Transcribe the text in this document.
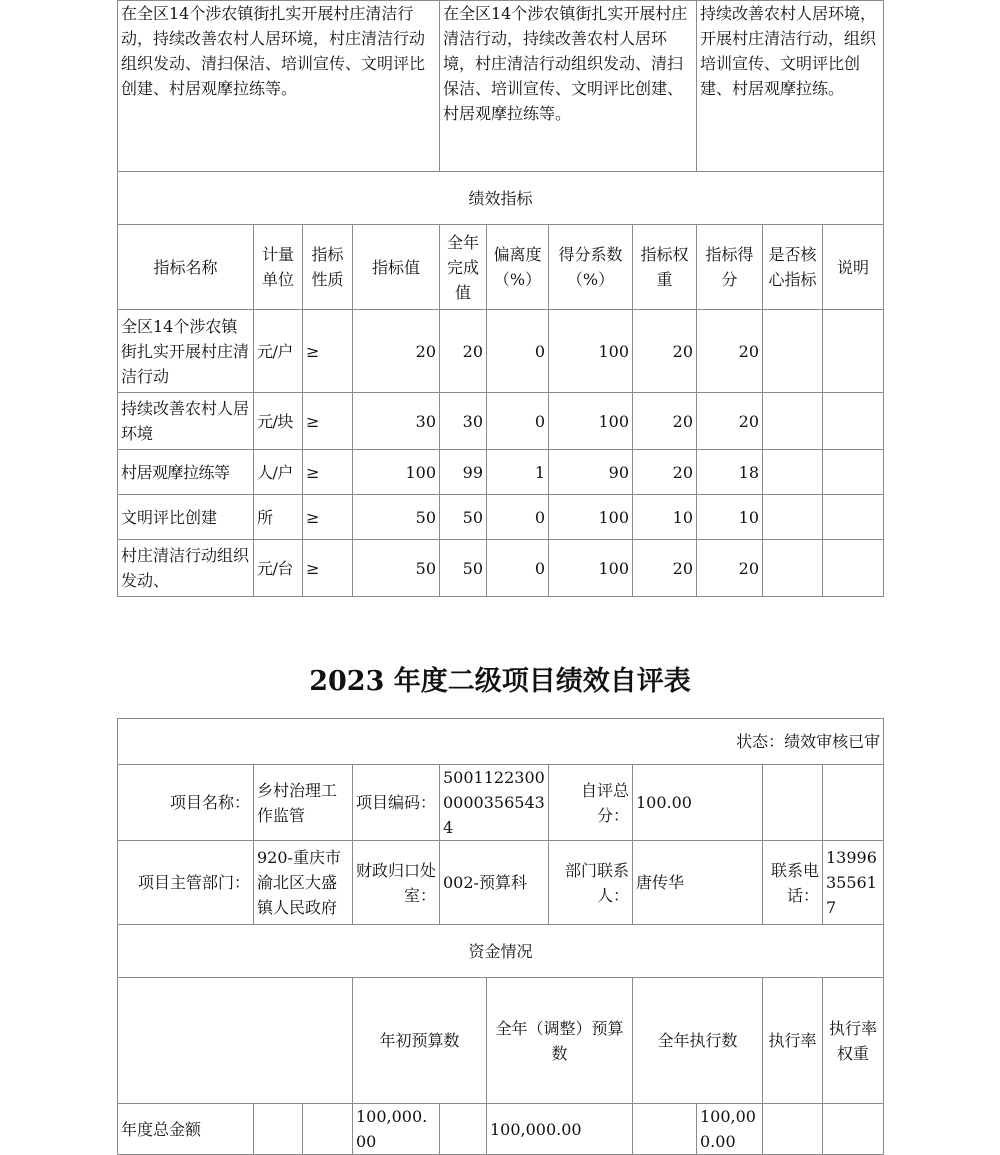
在全区14个涉农镇街扎实开展村庄清洁行动，持续改善农村人居环境，村庄清洁行动组织发动、清扫保洁、培训宣传、文明评比创建、村居观摩拉练等。				在全区14个涉农镇街扎实开展村庄清洁行动，持续改善农村人居环境，村庄清洁行动组织发动、清扫保洁、培训宣传、文明评比创建、村居观摩拉练等。				持续改善农村人居环境，开展村庄清洁行动，组织培训宣传、文明评比创建、村居观摩拉练。		
绩效指标										
指标名称	计量单位	指标性质	指标值	全年完成值	偏离度（%）	得分系数（%）	指标权重	指标得分	是否核心指标	说明
全区14个涉农镇街扎实开展村庄清洁行动	元/户	≥	20	20	0	100	20	20		
持续改善农村人居环境	元/块	≥	30	30	0	100	20	20		
村居观摩拉练等	人/户	≥	100	99	1	90	20	18		
文明评比创建	所	≥	50	50	0	100	10	10		
村庄清洁行动组织发动、	元/台	≥	50	50	0	100	20	20		
2023 年度二级项目绩效自评表
状态：绩效审核已审											
项目名称：	乡村治理工作监管		项目编码：	500112230000003565434		自评总分：	100.00				
项目主管部门：	920-重庆市渝北区大盛镇人民政府		财政归口处室：	002-预算科		部门联系人：	唐传华		联系电话：	13996355617	
资金情况											
			年初预算数		全年（调整）预算数		全年执行数		执行率	执行率权重	
年度总金额			100,000.00		100,000.00			100,000.00			
